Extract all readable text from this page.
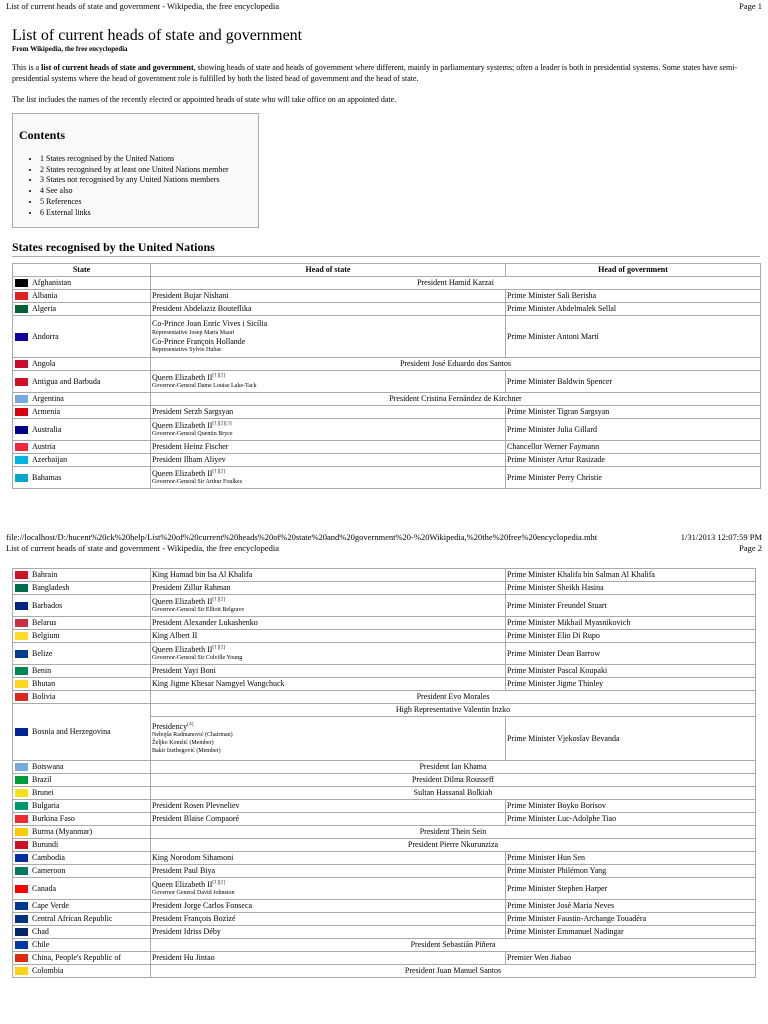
List of current heads of state and government - Wikipedia, the free encyclopedia	Page 1
List of current heads of state and government
From Wikipedia, the free encyclopedia
This is a list of current heads of state and government, showing heads of state and heads of government where different, mainly in parliamentary systems; often a leader is both in presidential systems. Some states have semi-presidential systems where the head of government role is fulfilled by both the listed head of government and the head of state.
The list includes the names of the recently elected or appointed heads of state who will take office on an appointed date.
Contents
• 1 States recognised by the United Nations
• 2 States recognised by at least one United Nations member
• 3 States not recognised by any United Nations members
• 4 See also
• 5 References
• 6 External links
States recognised by the United Nations
State	Head of state	Head of government
Afghanistan	President Hamid Karzai	
Albania	President Bujar Nishani	Prime Minister Sali Berisha
Algeria	President Abdelaziz Bouteflika	Prime Minister Abdelmalek Sellal
Andorra	Co-Prince Joan Enric Vives i Sicília
Representative Josep Maria Mauri
Co-Prince François Hollande
Representative Sylvie Hubac	Prime Minister Antoni Martí
Angola	President José Eduardo dos Santos	
Antigua and Barbuda	Queen Elizabeth II[1][2]
Governor-General Dame Louise Lake-Tack	Prime Minister Baldwin Spencer
Argentina	President Cristina Fernández de Kirchner	
Armenia	President Serzh Sargsyan	Prime Minister Tigran Sargsyan
Australia	Queen Elizabeth II[1][2][3]
Governor-General Quentin Bryce	Prime Minister Julia Gillard
Austria	President Heinz Fischer	Chancellor Werner Faymann
Azerbaijan	President Ilham Aliyev	Prime Minister Artur Rasizade
Bahamas	Queen Elizabeth II[1][2]
Governor-General Sir Arthur Foulkes	Prime Minister Perry Christie
file://localhost/D:/hucent%20ck%20help/List%20of%20current%20heads%20of%20state%20and%20government%20-%20Wikipedia,%20the%20free%20encyclopedia.mht	1/31/2013 12:07:59 PM
List of current heads of state and government - Wikipedia, the free encyclopedia	Page 2
Bahrain	King Hamad bin Isa Al Khalifa	Prime Minister Khalifa bin Salman Al Khalifa
Bangladesh	President Zillur Rahman	Prime Minister Sheikh Hasina
Barbados	Queen Elizabeth II[1][2]
Governor-General Sir Elliott Belgrave	Prime Minister Freundel Stuart
Belarus	President Alexander Lukashenko	Prime Minister Mikhail Myasnikovich
Belgium	King Albert II	Prime Minister Elio Di Rupo
Belize	Queen Elizabeth II[1][2]
Governor-General Sir Colville Young	Prime Minister Dean Barrow
Benin	President Yayi Boni	Prime Minister Pascal Koupaki
Bhutan	King Jigme Khesar Namgyel Wangchuck	Prime Minister Jigme Thinley
Bolivia	President Evo Morales	
Bosnia and Herzegovina	High Representative Valentin Inzko	
	Presidency[4]
Nebojša Radmanović (Chairman)
Željko Komšić (Member)
Bakir Izetbegović (Member)	Prime Minister Vjekoslav Bevanda
Botswana	President Ian Khama	
Brazil	President Dilma Rousseff	
Brunei	Sultan Hassanal Bolkiah	
Bulgaria	President Rosen Plevneliev	Prime Minister Boyko Borisov
Burkina Faso	President Blaise Compaoré	Prime Minister Luc-Adolphe Tiao
Burma (Myanmar)	President Thein Sein	
Burundi	President Pierre Nkurunziza	
Cambodia	King Norodom Sihamoni	Prime Minister Hun Sen
Cameroon	President Paul Biya	Prime Minister Philémon Yang
Canada	Queen Elizabeth II[1][2]
Governor General David Johnston	Prime Minister Stephen Harper
Cape Verde	President Jorge Carlos Fonseca	Prime Minister José Maria Neves
Central African Republic	President François Bozizé	Prime Minister Faustin-Archange Touadéra
Chad	President Idriss Déby	Prime Minister Emmanuel Nadingar
Chile	President Sebastián Piñera	
China, People's Republic of	President Hu Jintao	Premier Wen Jiabao
Colombia	President Juan Manuel Santos	
